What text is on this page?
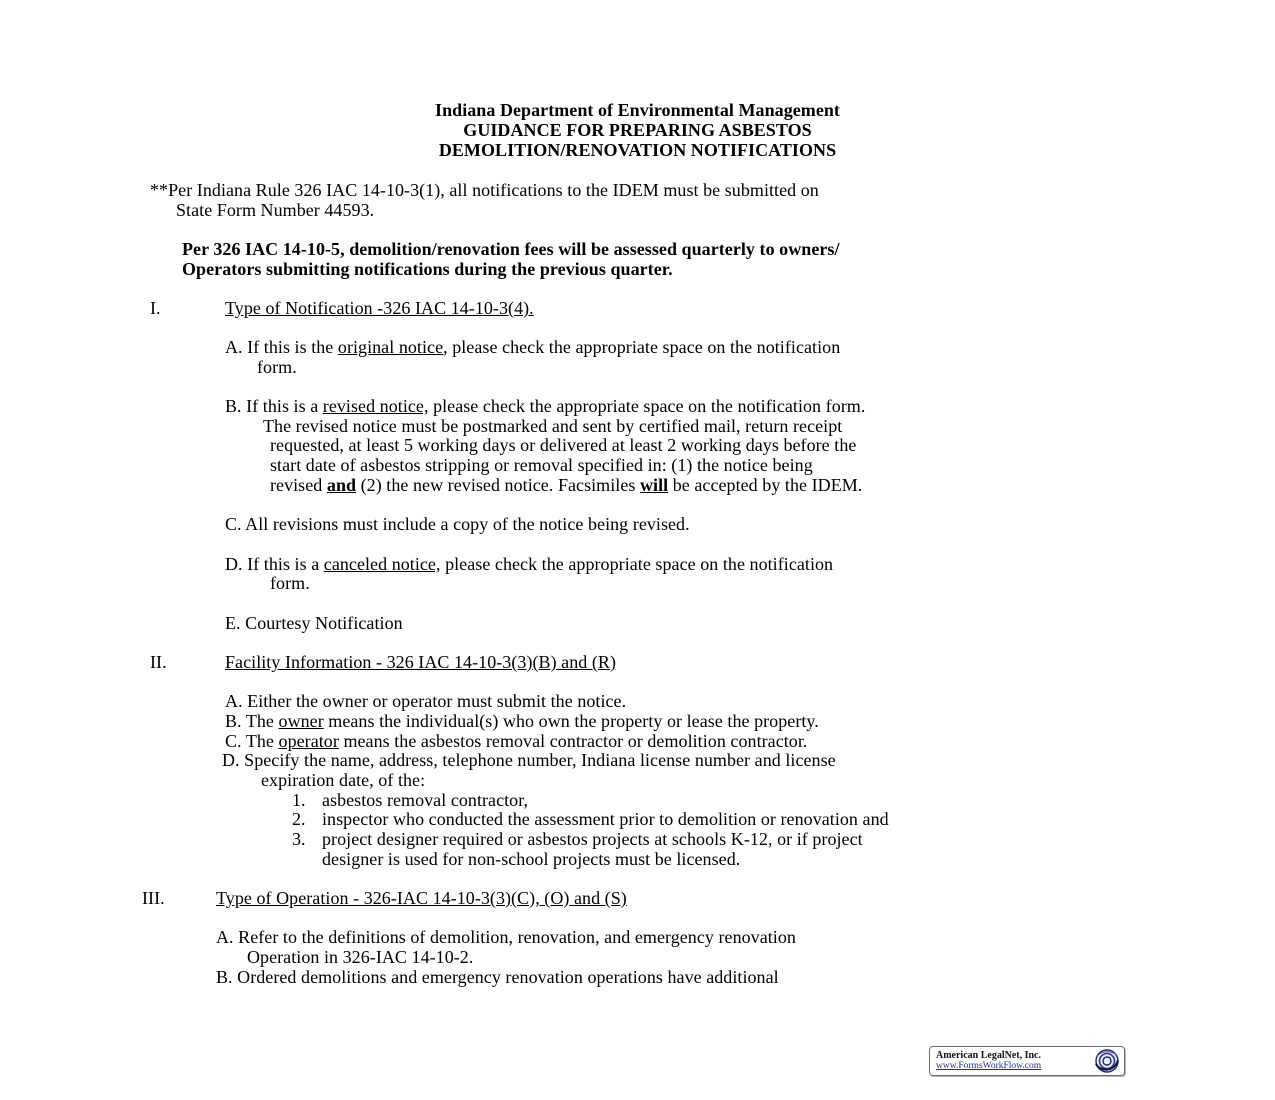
Indiana Department of Environmental Management
GUIDANCE FOR PREPARING ASBESTOS
DEMOLITION/RENOVATION NOTIFICATIONS
**Per Indiana Rule 326 IAC 14-10-3(1), all notifications to the IDEM must be submitted on
State Form Number 44593.
Per 326 IAC 14-10-5, demolition/renovation fees will be assessed quarterly to owners/
Operators submitting notifications during the previous quarter.
I.	Type of Notification -326 IAC 14-10-3(4).
A. If this is the original notice, please check the appropriate space on the notification
form.
B. If this is a revised notice, please check the appropriate space on the notification form.
The revised notice must be postmarked and sent by certified mail, return receipt
requested, at least 5 working days or delivered at least 2 working days before the
start date of asbestos stripping or removal specified in: (1) the notice being
revised and (2) the new revised notice. Facsimiles will be accepted by the IDEM.
C. All revisions must include a copy of the notice being revised.
D. If this is a canceled notice, please check the appropriate space on the notification
form.
E. Courtesy Notification
II.	Facility Information - 326 IAC 14-10-3(3)(B) and (R)
A. Either the owner or operator must submit the notice.
B. The owner means the individual(s) who own the property or lease the property.
C. The operator means the asbestos removal contractor or demolition contractor.
D. Specify the name, address, telephone number, Indiana license number and license
expiration date, of the:
1. asbestos removal contractor,
2. inspector who conducted the assessment prior to demolition or renovation and
3. project designer required or asbestos projects at schools K-12, or if project
designer is used for non-school projects must be licensed.
III.	Type of Operation - 326-IAC 14-10-3(3)(C), (O) and (S)
A. Refer to the definitions of demolition, renovation, and emergency renovation
Operation in 326-IAC 14-10-2.
B. Ordered demolitions and emergency renovation operations have additional
American LegalNet, Inc.
www.FormsWorkFlow.com
